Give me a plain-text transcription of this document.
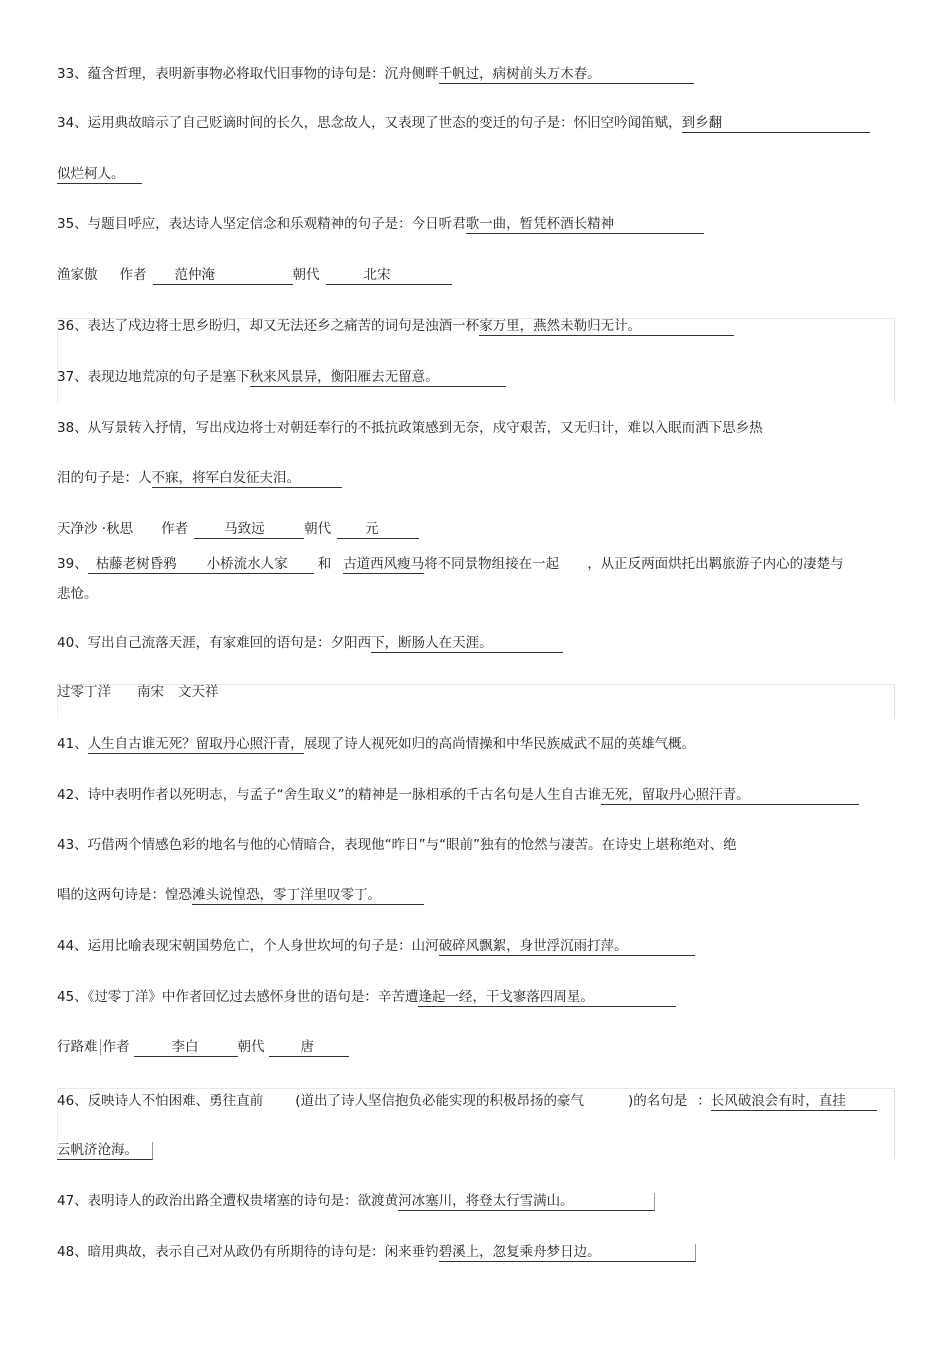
33、蕴含哲理，表明新事物必将取代旧事物的诗句是：沉舟侧畔千帆过，病树前头万木春。
34、运用典故暗示了自己贬谪时间的长久，思念故人，又表现了世态的变迁的句子是：怀旧空吟闻笛赋，到乡翻
似烂柯人。
35、与题目呼应，表达诗人坚定信念和乐观精神的句子是：今日听君歌一曲，暂凭杯酒长精神
渔家傲 作者 范仲淹	朝代	北宋
36、表达了戍边将士思乡盼归，却又无法还乡之痛苦的词句是浊酒一杯家万里，燕然未勒归无计。
37、表现边地荒凉的句子是塞下秋来风景异，衡阳雁去无留意。
38、从写景转入抒情，写出戍边将士对朝廷奉行的不抵抗政策感到无奈，戍守艰苦，又无归计，难以入眠而洒下思乡热
泪的句子是：人不寐，将军白发征夫泪。
天净沙 ·秋思 作者	马致远	朝代	元
39、 枯藤老树昏鸦 小桥流水人家 和 古道西风瘦马将不同景物组接在一起 ，从正反两面烘托出羁旅游子内心的凄楚与
悲怆。
40、写出自己流落天涯，有家难回的语句是：夕阳西下，断肠人在天涯。
过零丁洋 南宋 文天祥
41、人生自古谁无死？留取丹心照汗青，展现了诗人视死如归的高尚情操和中华民族威武不屈的英雄气概。
42、诗中表明作者以死明志，与孟子“舍生取义”的精神是一脉相承的千古名句是人生自古谁无死，留取丹心照汗青。
43、巧借两个情感色彩的地名与他的心情暗合，表现他“昨日”与“眼前”独有的怆然与凄苦。在诗史上堪称绝对、绝
唱的这两句诗是：惶恐滩头说惶恐，零丁洋里叹零丁。
44、运用比喻表现宋朝国势危亡，个人身世坎坷的句子是：山河破碎风飘絮，身世浮沉雨打萍。
45、《过零丁洋》中作者回忆过去感怀身世的语句是：辛苦遭逢起一经，干戈寥落四周星。
行路难 作者	李白	朝代	唐
46、反映诗人不怕困难、勇往直前 (道出了诗人坚信抱负必能实现的积极昂扬的豪气	)的名句是 ：长风破浪会有时，直挂
云帆济沧海。
47、表明诗人的政治出路全遭权贵堵塞的诗句是：欲渡黄河冰塞川，将登太行雪满山。
48、暗用典故，表示自己对从政仍有所期待的诗句是：闲来垂钓碧溪上，忽复乘舟梦日边。
